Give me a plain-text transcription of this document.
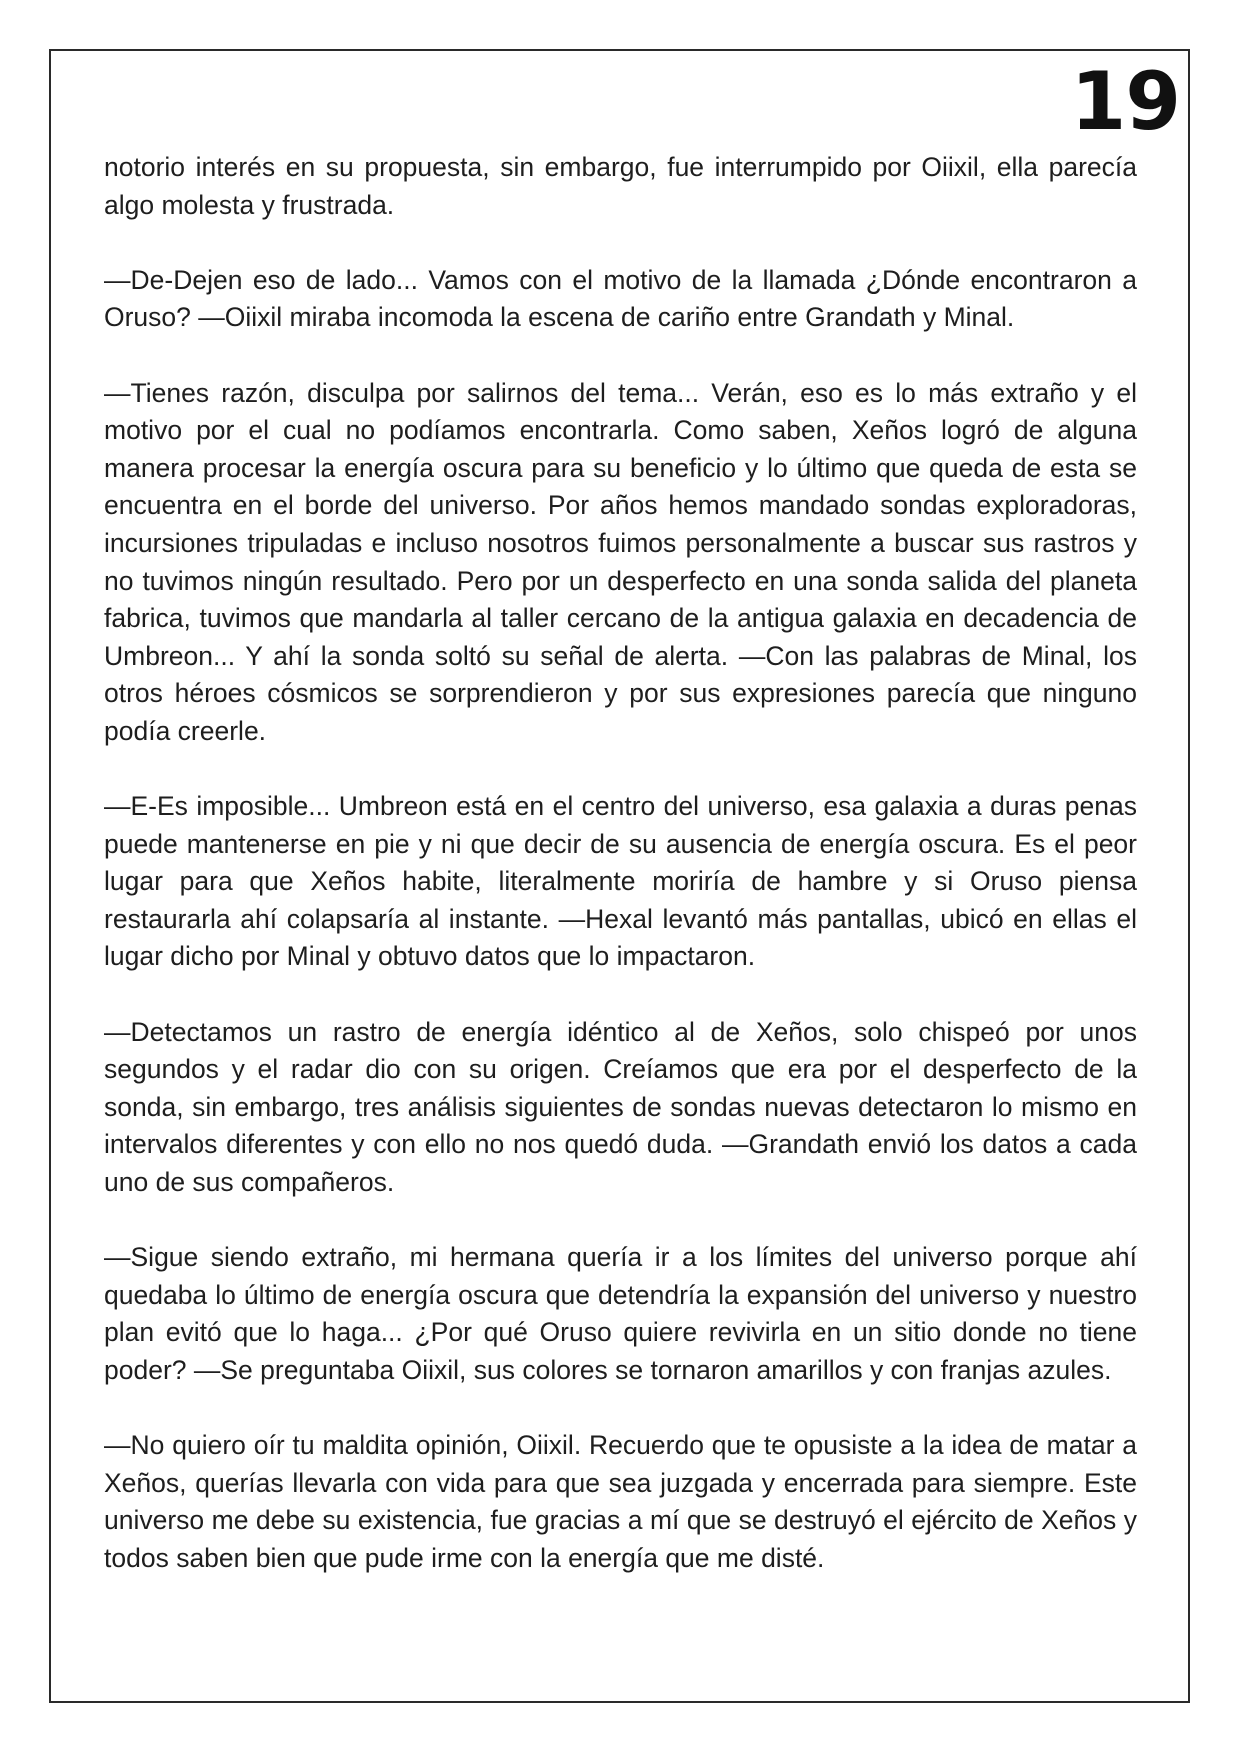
19

notorio interés en su propuesta, sin embargo, fue interrumpido por Oiixil, ella parecía algo molesta y frustrada.

—De-Dejen eso de lado... Vamos con el motivo de la llamada ¿Dónde encontraron a Oruso? —Oiixil miraba incomoda la escena de cariño entre Grandath y Minal.

—Tienes razón, disculpa por salirnos del tema... Verán, eso es lo más extraño y el motivo por el cual no podíamos encontrarla. Como saben, Xeños logró de alguna manera procesar la energía oscura para su beneficio y lo último que queda de esta se encuentra en el borde del universo. Por años hemos mandado sondas exploradoras, incursiones tripuladas e incluso nosotros fuimos personalmente a buscar sus rastros y no tuvimos ningún resultado. Pero por un desperfecto en una sonda salida del planeta fabrica, tuvimos que mandarla al taller cercano de la antigua galaxia en decadencia de Umbreon... Y ahí la sonda soltó su señal de alerta. —Con las palabras de Minal, los otros héroes cósmicos se sorprendieron y por sus expresiones parecía que ninguno podía creerle.

—E-Es imposible... Umbreon está en el centro del universo, esa galaxia a duras penas puede mantenerse en pie y ni que decir de su ausencia de energía oscura. Es el peor lugar para que Xeños habite, literalmente moriría de hambre y si Oruso piensa restaurarla ahí colapsaría al instante. —Hexal levantó más pantallas, ubicó en ellas el lugar dicho por Minal y obtuvo datos que lo impactaron.

—Detectamos un rastro de energía idéntico al de Xeños, solo chispeó por unos segundos y el radar dio con su origen. Creíamos que era por el desperfecto de la sonda, sin embargo, tres análisis siguientes de sondas nuevas detectaron lo mismo en intervalos diferentes y con ello no nos quedó duda. —Grandath envió los datos a cada uno de sus compañeros.

—Sigue siendo extraño, mi hermana quería ir a los límites del universo porque ahí quedaba lo último de energía oscura que detendría la expansión del universo y nuestro plan evitó que lo haga... ¿Por qué Oruso quiere revivirla en un sitio donde no tiene poder? —Se preguntaba Oiixil, sus colores se tornaron amarillos y con franjas azules.

—No quiero oír tu maldita opinión, Oiixil. Recuerdo que te opusiste a la idea de matar a Xeños, querías llevarla con vida para que sea juzgada y encerrada para siempre. Este universo me debe su existencia, fue gracias a mí que se destruyó el ejército de Xeños y todos saben bien que pude irme con la energía que me disté.
